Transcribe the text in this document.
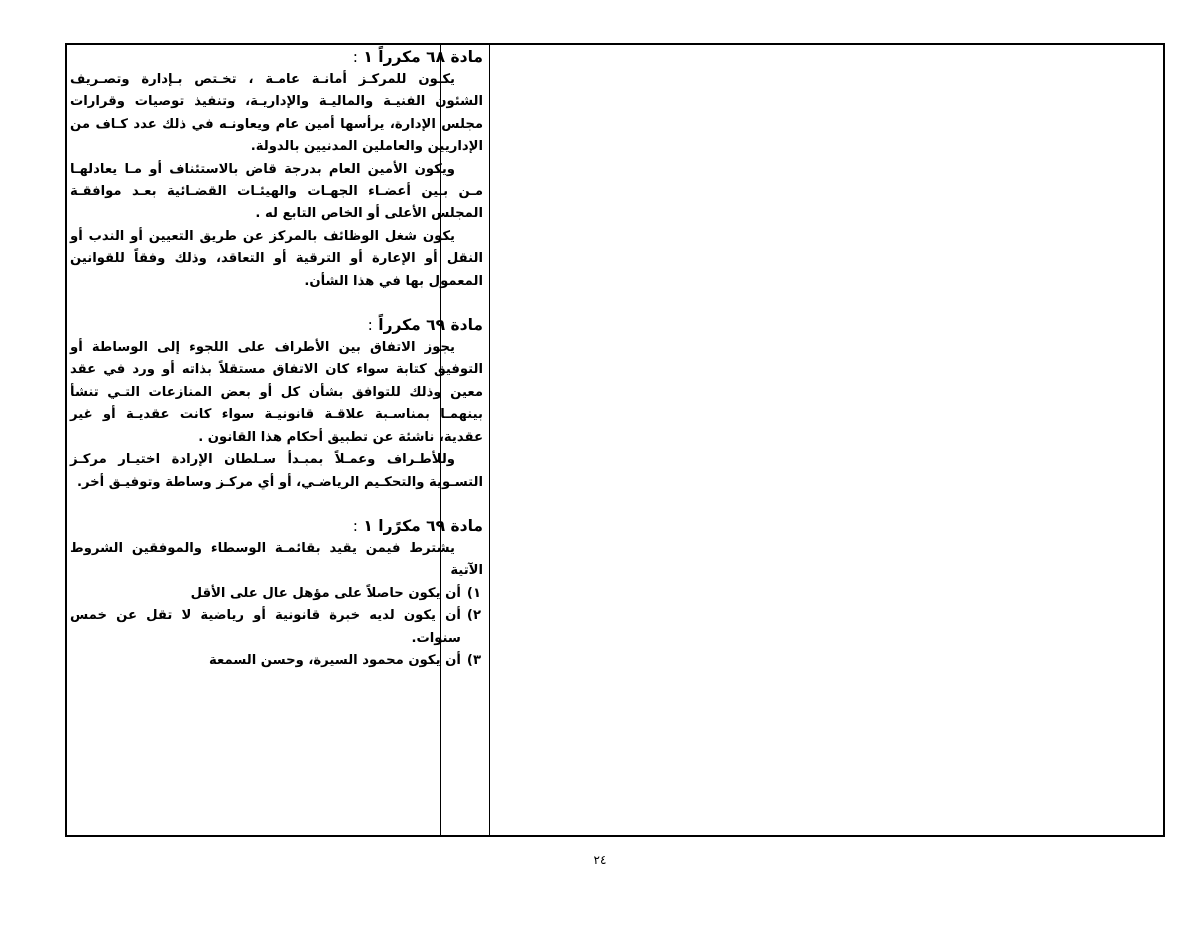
مادة ٦٨ مكرراً ١ :

يكـون للمركـز أمانـة عامـة ، تخـتص بـإدارة وتصـريف الشئون الفنيـة والماليـة والإداريـة، وتنفيذ توصيات وقرارات مجلس الإدارة، يرأسها أمين عام ويعاونـه في ذلك عدد كـاف من الإداريين والعاملين المدنيين بالدولة.

ويكون الأمين العام بدرجة قاض بالاستئناف أو مـا يعادلهـا مـن بـين أعضـاء الجهـات والهيئـات القضـائية بعـد موافقـة المجلس الأعلى أو الخاص التابع له .

يكون شغل الوظائف بالمركز عن طريق التعيين أو الندب أو النقل أو الإعارة أو الترقية أو التعاقد، وذلك وفقاً للقوانين المعمول بها في هذا الشأن.

مادة ٦٩ مكرراً :

يجوز الاتفاق بين الأطراف على اللجوء إلى الوساطة أو التوفيق كتابة سواء كان الاتفاق مستقلاً بذاته أو ورد في عقد معين وذلك للتوافق بشأن كل أو بعض المنازعات التـي تنشأ بينهمـا بمناسـبة علاقـة قانونيـة سواء كانت عقديـة أو غير عقدية، ناشئة عن تطبيق أحكام هذا القانون .

وللأطـراف وعمـلاً بمبـدأ سـلطان الإرادة اختيـار مركـز التسـوية والتحكـيم الرياضـي، أو أي مركـز وساطة وتوفيـق أخر.

مادة ٦٩ مكرًرا ١ :

يشترط فيمن يقيد بقائمـة الوسطاء والموفقين الشروط الآتية

١)
أن يكون حاصلاً على مؤهل عال على الأقل
٢)
أن يكون لديه خبرة قانونية أو رياضية لا تقل عن خمس سنوات.
٣)
أن يكون محمود السيرة، وحسن السمعة
٢٤
